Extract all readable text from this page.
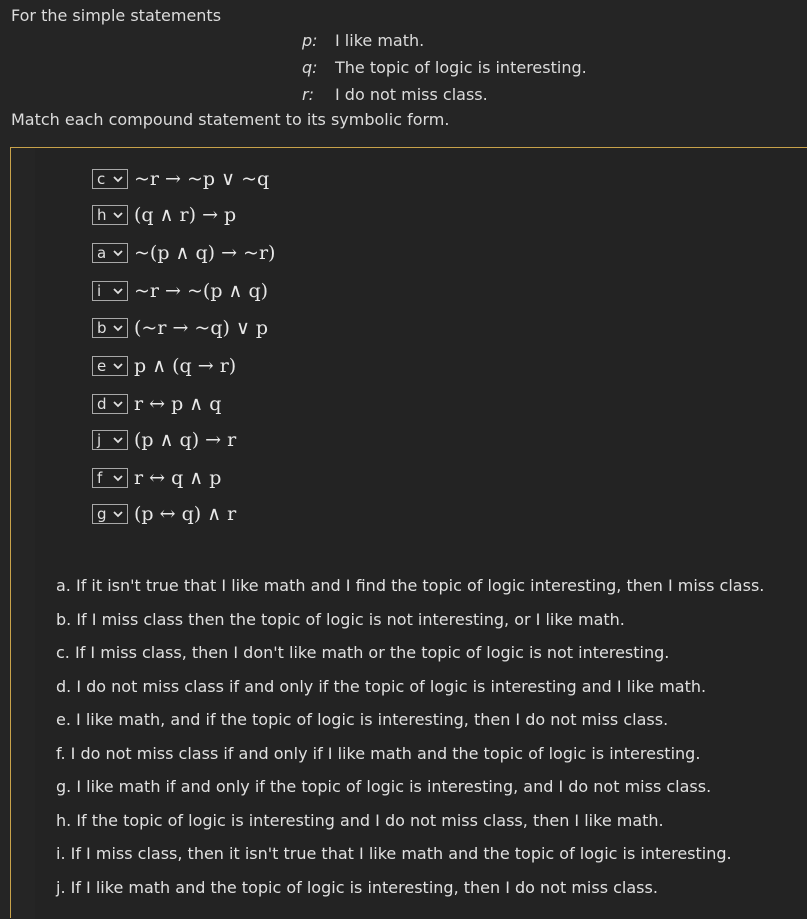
For the simple statements
p:	I like math.
q:	The topic of logic is interesting.
r:	I do not miss class.
Match each compound statement to its symbolic form.
c ~r → ~p ∨ ~q
h (q ∧ r) → p
a ~(p ∧ q) → ~r)
i ~r → ~(p ∧ q)
b (~r → ~q) ∨ p
e p ∧ (q → r)
d r ↔ p ∧ q
j (p ∧ q) → r
f r ↔ q ∧ p
g (p ↔ q) ∧ r
a. If it isn't true that I like math and I find the topic of logic interesting, then I miss class.
b. If I miss class then the topic of logic is not interesting, or I like math.
c. If I miss class, then I don't like math or the topic of logic is not interesting.
d. I do not miss class if and only if the topic of logic is interesting and I like math.
e. I like math, and if the topic of logic is interesting, then I do not miss class.
f. I do not miss class if and only if I like math and the topic of logic is interesting.
g. I like math if and only if the topic of logic is interesting, and I do not miss class.
h. If the topic of logic is interesting and I do not miss class, then I like math.
i. If I miss class, then it isn't true that I like math and the topic of logic is interesting.
j. If I like math and the topic of logic is interesting, then I do not miss class.
